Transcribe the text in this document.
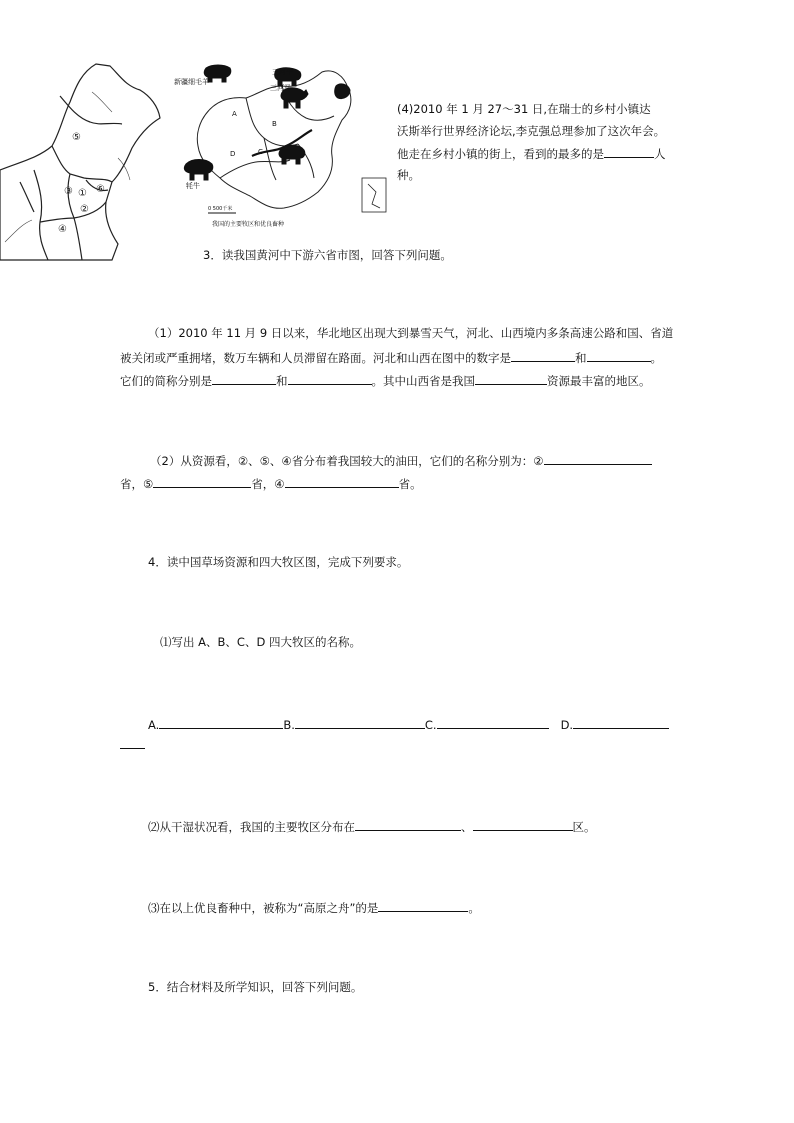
⑤
③ ① ⑥
②
④
新疆细毛羊
三河牛
三河马
牦牛
A
B
C
D
0 500千米
我国的主要牧区和优良畜种
(4)2010 年 1 月 27～31 日,在瑞士的乡村小镇达
沃斯举行世界经济论坛,李克强总理参加了这次年会。
他走在乡村小镇的街上，看到的最多的是	人
种。
3．读我国黄河中下游六省市图，回答下列问题。
（1）2010 年 11 月 9 日以来，华北地区出现大到暴雪天气，河北、山西境内多条高速公路和国、省道
被关闭或严重拥堵，数万车辆和人员滞留在路面。河北和山西在图中的数字是	和	。
它们的简称分别是	和	。其中山西省是我国	资源最丰富的地区。
（2）从资源看，②、⑤、④省分布着我国较大的油田，它们的名称分别为：②
省，⑤	省，④	省。
4．读中国草场资源和四大牧区图，完成下列要求。
⑴写出 A、B、C、D 四大牧区的名称。
A.	B.	C.	D.
⑵从干湿状况看，我国的主要牧区分布在	、	区。
⑶在以上优良畜种中，被称为“高原之舟”的是	。
5．结合材料及所学知识，回答下列问题。
